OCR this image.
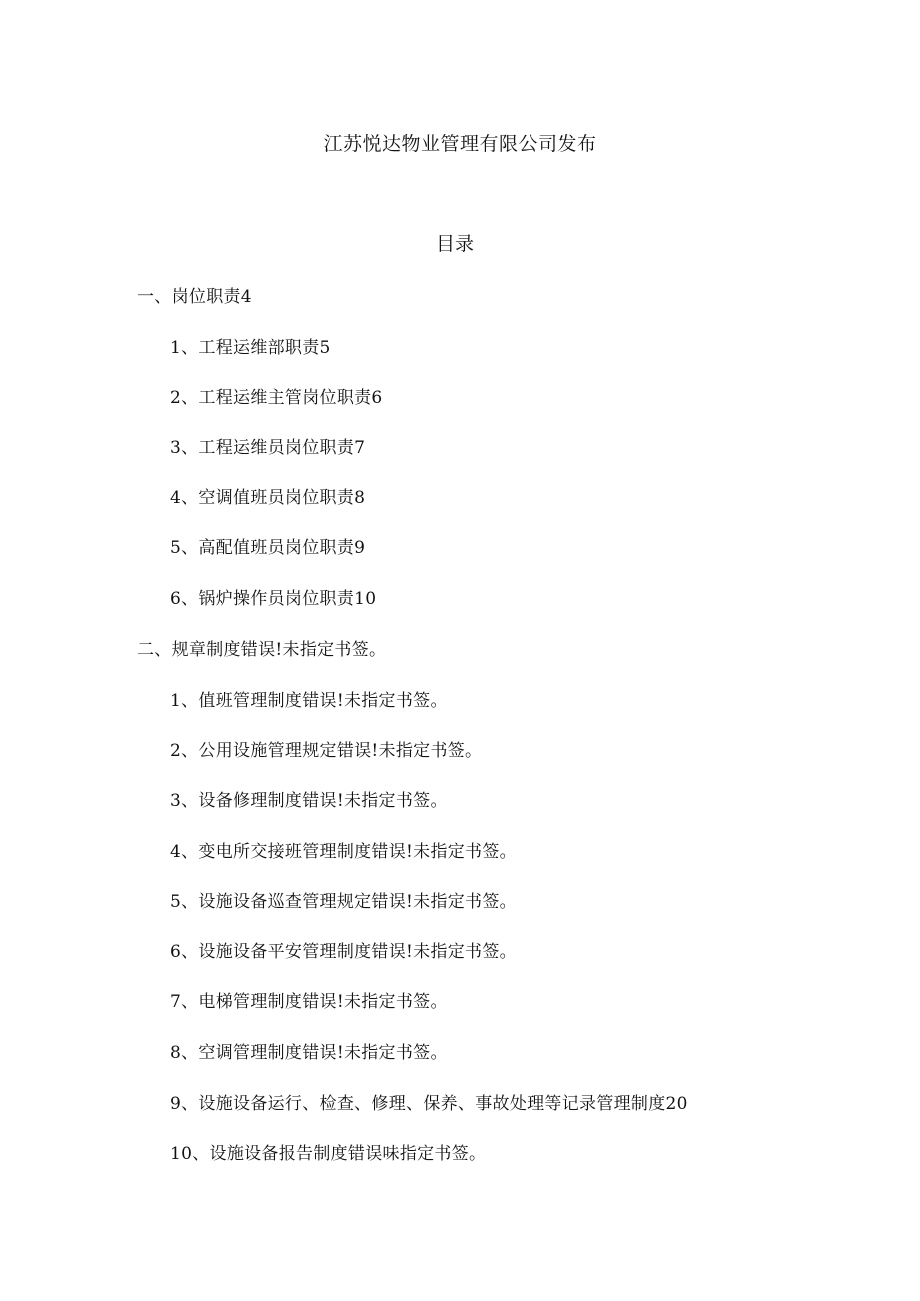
江苏悦达物业管理有限公司发布
目录
一、岗位职责4
1、工程运维部职责5
2、工程运维主管岗位职责6
3、工程运维员岗位职责7
4、空调值班员岗位职责8
5、高配值班员岗位职责9
6、锅炉操作员岗位职责10
二、规章制度错误!未指定书签。
1、值班管理制度错误!未指定书签。
2、公用设施管理规定错误!未指定书签。
3、设备修理制度错误!未指定书签。
4、变电所交接班管理制度错误!未指定书签。
5、设施设备巡查管理规定错误!未指定书签。
6、设施设备平安管理制度错误!未指定书签。
7、电梯管理制度错误!未指定书签。
8、空调管理制度错误!未指定书签。
9、设施设备运行、检查、修理、保养、事故处理等记录管理制度20
10、设施设备报告制度错误味指定书签。
